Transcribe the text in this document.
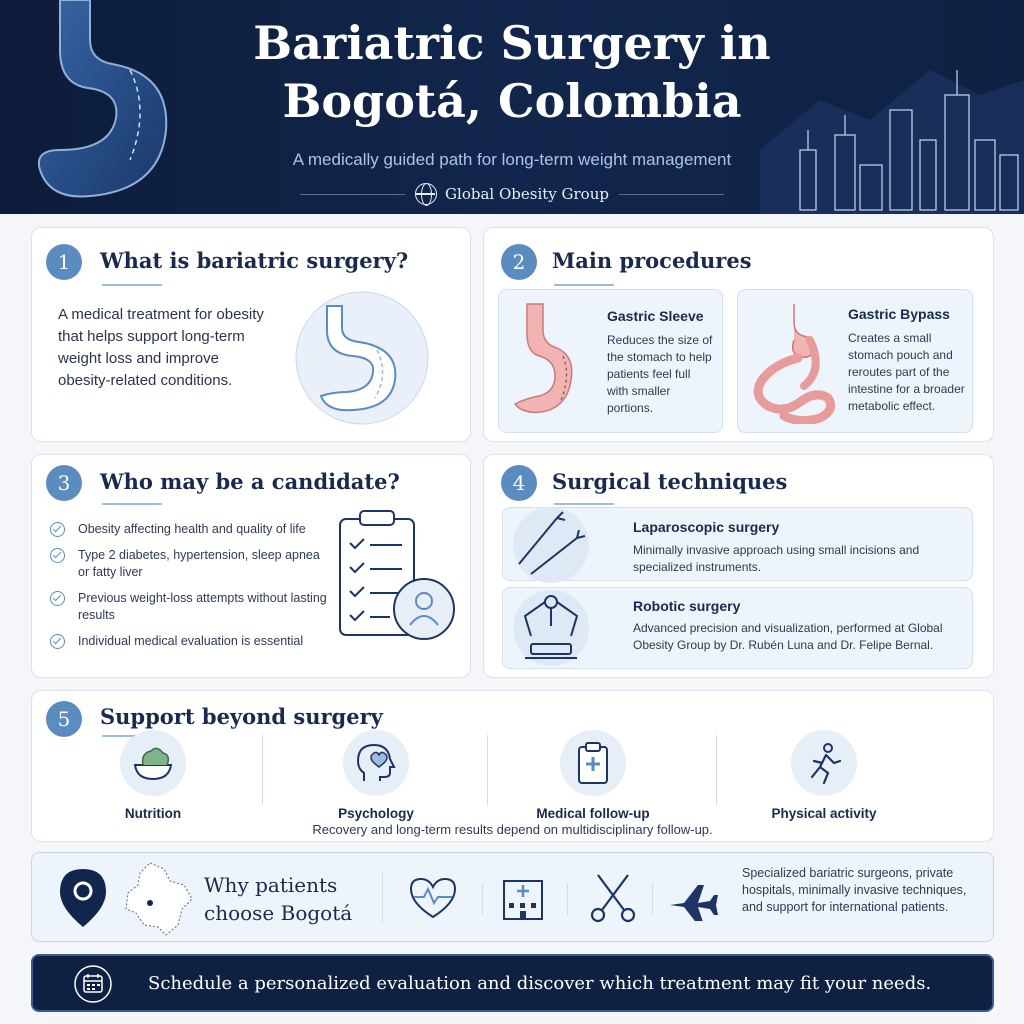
Bariatric Surgery in
Bogotá, Colombia
A medically guided path for long-term weight management
Global Obesity Group
1	What is bariatric surgery?
A medical treatment for obesity that helps support long-term weight loss and improve obesity-related conditions.
2	Main procedures
Gastric Sleeve
Reduces the size of the stomach to help patients feel full with smaller portions.
Gastric Bypass
Creates a small stomach pouch and reroutes part of the intestine for a broader metabolic effect.
3	Who may be a candidate?
Obesity affecting health and quality of life
Type 2 diabetes, hypertension, sleep apnea or fatty liver
Previous weight-loss attempts without lasting results
Individual medical evaluation is essential
4	Surgical techniques
Laparoscopic surgery
Minimally invasive approach using small incisions and specialized instruments.
Robotic surgery
Advanced precision and visualization, performed at Global Obesity Group by Dr. Rubén Luna and Dr. Felipe Bernal.
5	Support beyond surgery
Nutrition	Psychology	Medical follow-up	Physical activity
Recovery and long-term results depend on multidisciplinary follow-up.
Why patients
choose Bogotá
Specialized bariatric surgeons, private hospitals, minimally invasive techniques, and support for international patients.
Schedule a personalized evaluation and discover which treatment may fit your needs.
